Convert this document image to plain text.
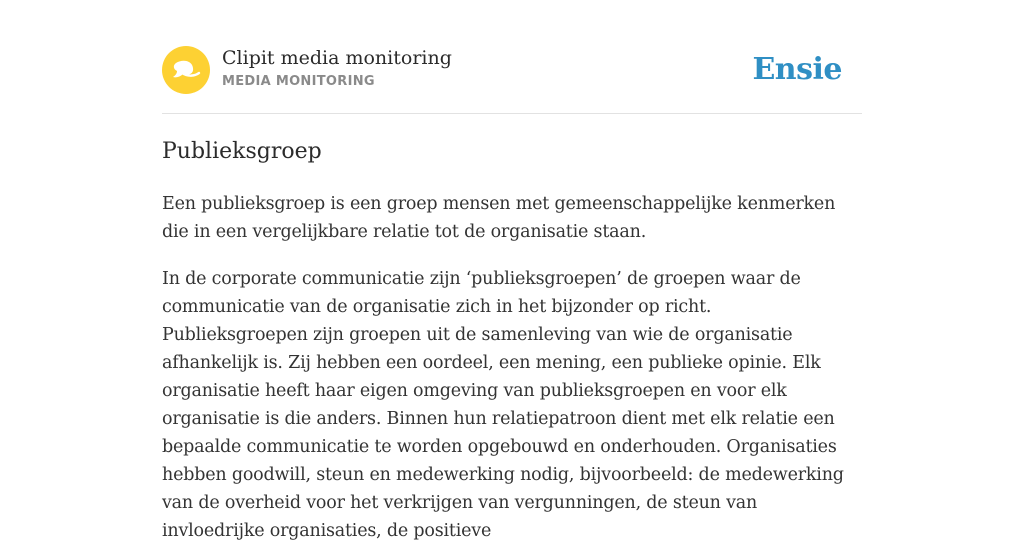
Clipit media monitoring
MEDIA MONITORING	Ensie
Publieksgroep

Een publieksgroep is een groep mensen met gemeenschappelijke kenmerken die in een vergelijkbare relatie tot de organisatie staan.

In de corporate communicatie zijn ‘publieksgroepen’ de groepen waar de communicatie van de organisatie zich in het bijzonder op richt. Publieksgroepen zijn groepen uit de samenleving van wie de organisatie afhankelijk is. Zij hebben een oordeel, een mening, een publieke opinie. Elk organisatie heeft haar eigen omgeving van publieksgroepen en voor elk organisatie is die anders. Binnen hun relatiepatroon dient met elk relatie een bepaalde communicatie te worden opgebouwd en onderhouden. Organisaties hebben goodwill, steun en medewerking nodig, bijvoorbeeld: de medewerking van de overheid voor het verkrijgen van vergunningen, de steun van invloedrijke organisaties, de positieve
